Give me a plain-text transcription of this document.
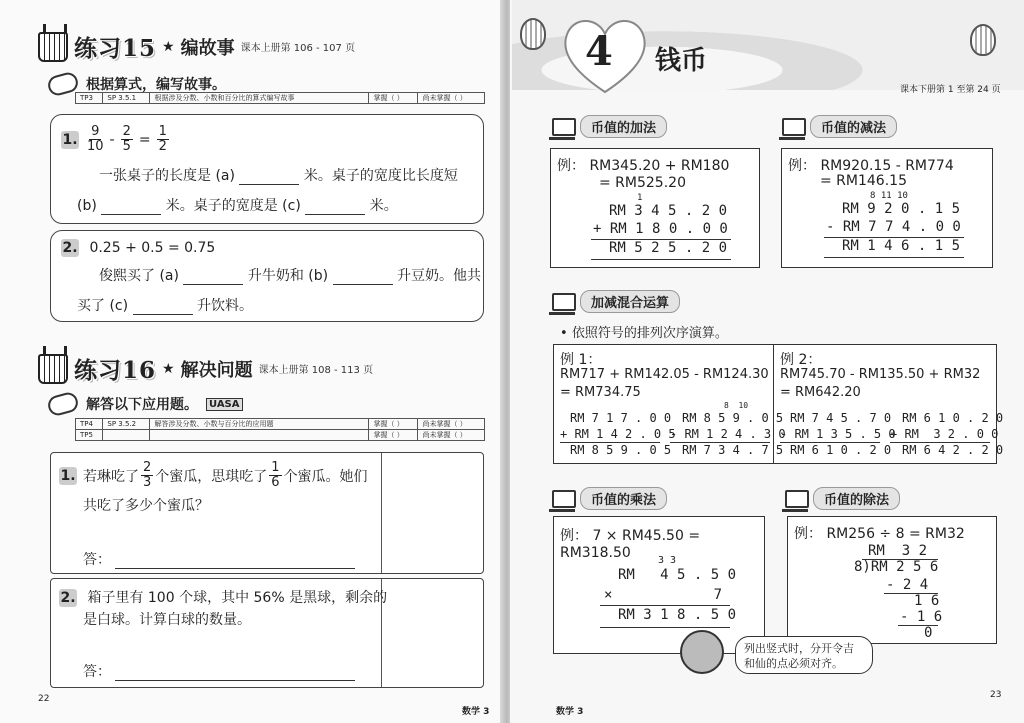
练习15 ★ 编故事 课本上册第 106 - 107 页
根据算式，编写故事。
TP3	SP 3.5.1	根据涉及分数、小数和百分比的算式编写故事	掌握（ ）	尚未掌握（ ）
1. $\frac{9}{10} - \frac{2}{5} = \frac{1}{2}$
一张桌子的长度是 (a)	米。桌子的宽度比长度短
(b)	米。桌子的宽度是 (c)	米。
2. 0.25 + 0.5 = 0.75
俊熙买了 (a)	升牛奶和 (b)	升豆奶。他共
买了 (c)	升饮料。
练习16 ★ 解决问题 课本上册第 108 - 113 页
解答以下应用题。	UASA
TP4	SP 3.5.2	解答涉及分数、小数与百分比的应用题	掌握（ ）	尚未掌握（ ）
TP5			掌握（ ）	尚未掌握（ ）
1. 若琳吃了 $\frac{2}{3}$ 个蜜瓜，思琪吃了 $\frac{1}{6}$ 个蜜瓜。她们
共吃了多少个蜜瓜？
答：
2. 箱子里有 100 个球，其中 56% 是黑球，剩余的
是白球。计算白球的数量。
答：
22
数学 3
4 钱币
课本下册第 1 至第 24 页
币值的加法
例： RM345.20 + RM180
= RM525.20
1
RM 3 4 5 . 2 0
+ RM 1 8 0 . 0 0
RM 5 2 5 . 2 0
币值的减法
例： RM920.15 - RM774
= RM146.15
8 11 10
RM 9 2 0 . 1 5
- RM 7 7 4 . 0 0
RM 1 4 6 . 1 5
加减混合运算
• 依照符号的排列次序演算。
例 1：
RM717 + RM142.05 - RM124.30
= RM734.75
RM 7 1 7 . 0 0
+ RM 1 4 2 . 0 5
RM 8 5 9 . 0 5
8  10
RM 8 5 9 . 0 5
- RM 1 2 4 . 3 0
RM 7 3 4 . 7 5
例 2：
RM745.70 - RM135.50 + RM32
= RM642.20
RM 7 4 5 . 7 0
- RM 1 3 5 . 5 0
RM 6 1 0 . 2 0
RM 6 1 0 . 2 0
+ RM  3 2 . 0 0
RM 6 4 2 . 2 0
币值的乘法
例： 7 × RM45.50 = RM318.50	3 3
RM   4 5 . 5 0
×            7
RM 3 1 8 . 5 0
币值的除法
例： RM256 ÷ 8 = RM32
RM  3 2
8)RM 2 5 6
- 2 4
1 6
- 1 6
0
列出竖式时，分开令吉和仙的点必须对齐。
数学 3
23
